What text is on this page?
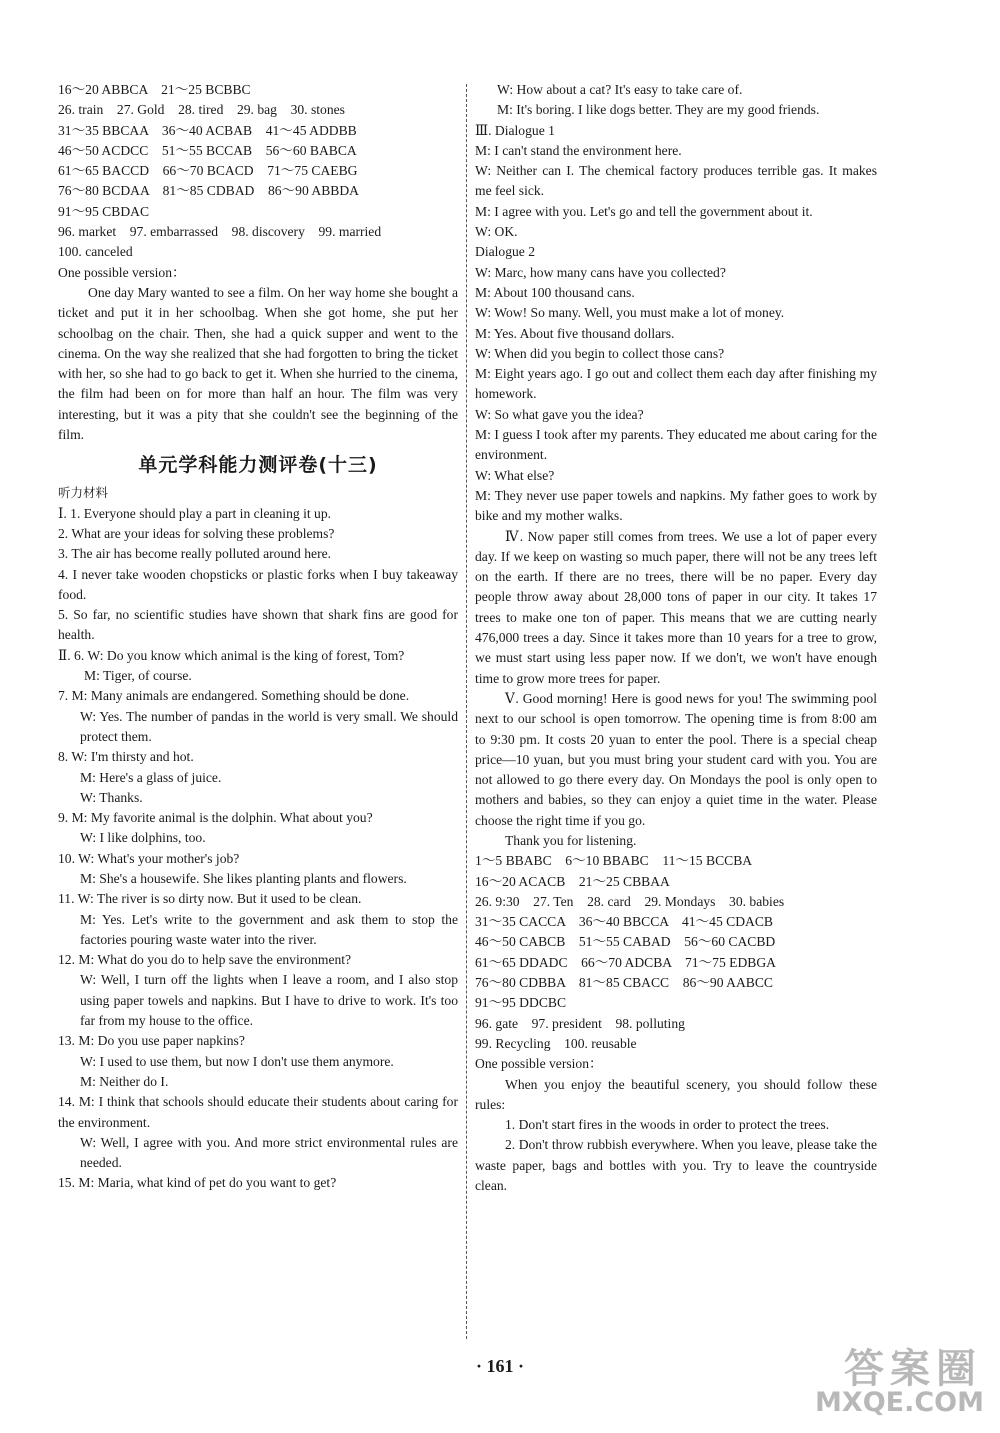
16～20 ABBCA    21～25 BCBBC
26. train    27. Gold    28. tired    29. bag    30. stones
31～35 BBCAA    36～40 ACBAB    41～45 ADDBB
46～50 ACDCC    51～55 BCCAB    56～60 BABCA
61～65 BACCD    66～70 BCACD    71～75 CAEBG
76～80 BCDAA    81～85 CDBAD    86～90 ABBDA
91～95 CBDAC
96. market    97. embarrassed    98. discovery    99. married
100. canceled
One possible version：
One day Mary wanted to see a film. On her way home she bought a ticket and put it in her schoolbag. When she got home, she put her schoolbag on the chair. Then, she had a quick supper and went to the cinema. On the way she realized that she had forgotten to bring the ticket with her, so she had to go back to get it. When she hurried to the cinema, the film had been on for more than half an hour. The film was very interesting, but it was a pity that she couldn't see the beginning of the film.
单元学科能力测评卷(十三)
听力材料
Ⅰ. 1. Everyone should play a part in cleaning it up.
2. What are your ideas for solving these problems?
3. The air has become really polluted around here.
4. I never take wooden chopsticks or plastic forks when I buy takeaway food.
5. So far, no scientific studies have shown that shark fins are good for health.
Ⅱ. 6. W: Do you know which animal is the king of forest, Tom?
M: Tiger, of course.
7. M: Many animals are endangered. Something should be done.
W: Yes. The number of pandas in the world is very small. We should protect them.
8. W: I'm thirsty and hot.
M: Here's a glass of juice.
W: Thanks.
9. M: My favorite animal is the dolphin. What about you?
W: I like dolphins, too.
10. W: What's your mother's job?
M: She's a housewife. She likes planting plants and flowers.
11. W: The river is so dirty now. But it used to be clean.
M: Yes. Let's write to the government and ask them to stop the factories pouring waste water into the river.
12. M: What do you do to help save the environment?
W: Well, I turn off the lights when I leave a room, and I also stop using paper towels and napkins. But I have to drive to work. It's too far from my house to the office.
13. M: Do you use paper napkins?
W: I used to use them, but now I don't use them anymore.
M: Neither do I.
14. M: I think that schools should educate their students about caring for the environment.
W: Well, I agree with you. And more strict environmental rules are needed.
15. M: Maria, what kind of pet do you want to get?
W: How about a cat? It's easy to take care of.
M: It's boring. I like dogs better. They are my good friends.
Ⅲ. Dialogue 1
M: I can't stand the environment here.
W: Neither can I. The chemical factory produces terrible gas. It makes me feel sick.
M: I agree with you. Let's go and tell the government about it.
W: OK.
Dialogue 2
W: Marc, how many cans have you collected?
M: About 100 thousand cans.
W: Wow! So many. Well, you must make a lot of money.
M: Yes. About five thousand dollars.
W: When did you begin to collect those cans?
M: Eight years ago. I go out and collect them each day after finishing my homework.
W: So what gave you the idea?
M: I guess I took after my parents. They educated me about caring for the environment.
W: What else?
M: They never use paper towels and napkins. My father goes to work by bike and my mother walks.
Ⅳ. Now paper still comes from trees. We use a lot of paper every day. If we keep on wasting so much paper, there will not be any trees left on the earth. If there are no trees, there will be no paper. Every day people throw away about 28,000 tons of paper in our city. It takes 17 trees to make one ton of paper. This means that we are cutting nearly 476,000 trees a day. Since it takes more than 10 years for a tree to grow, we must start using less paper now. If we don't, we won't have enough time to grow more trees for paper.
Ⅴ. Good morning! Here is good news for you! The swimming pool next to our school is open tomorrow. The opening time is from 8:00 am to 9:30 pm. It costs 20 yuan to enter the pool. There is a special cheap price—10 yuan, but you must bring your student card with you. You are not allowed to go there every day. On Mondays the pool is only open to mothers and babies, so they can enjoy a quiet time in the water. Please choose the right time if you go.
Thank you for listening.
1～5 BBABC    6～10 BBABC    11～15 BCCBA
16～20 ACACB    21～25 CBBAA
26. 9:30    27. Ten    28. card    29. Mondays    30. babies
31～35 CACCA    36～40 BBCCA    41～45 CDACB
46～50 CABCB    51～55 CABAD    56～60 CACBD
61～65 DDADC    66～70 ADCBA    71～75 EDBGA
76～80 CDBBA    81～85 CBACC    86～90 AABCC
91～95 DDCBC
96. gate    97. president    98. polluting
99. Recycling    100. reusable
One possible version：
When you enjoy the beautiful scenery, you should follow these rules:
1. Don't start fires in the woods in order to protect the trees.
2. Don't throw rubbish everywhere. When you leave, please take the waste paper, bags and bottles with you. Try to leave the countryside clean.
· 161 ·	答案圈
MXQE.COM
